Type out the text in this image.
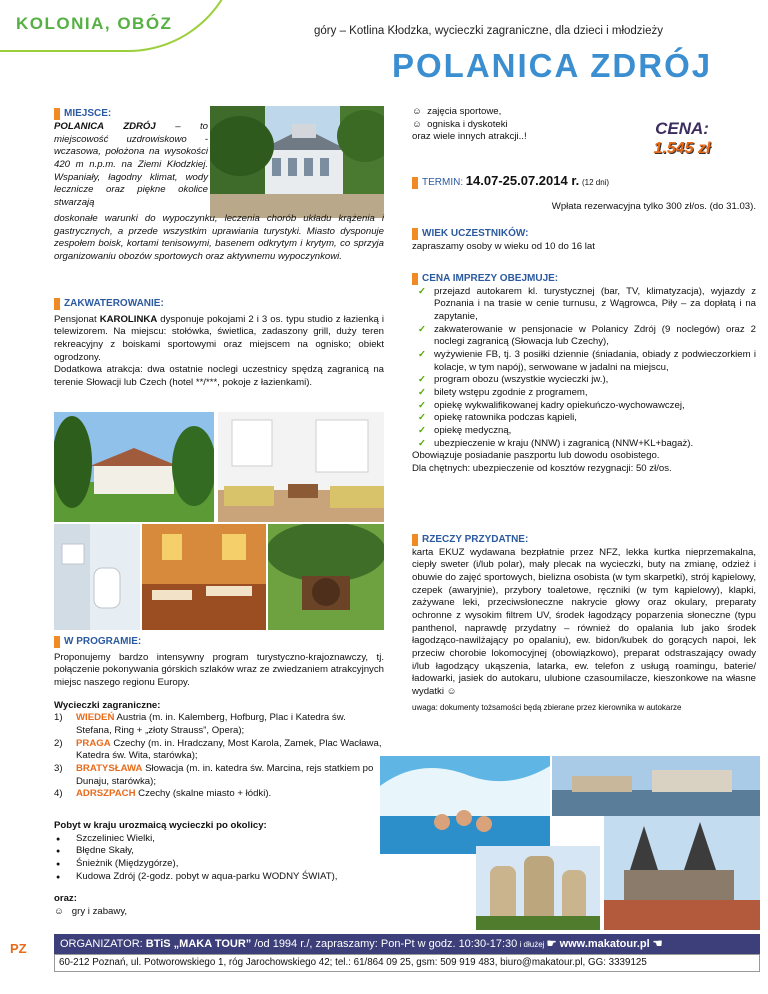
KOLONIA, OBÓZ	góry – Kotlina Kłodzka, wycieczki zagraniczne, dla dzieci i młodzieży
POLANICA ZDRÓJ
MIEJSCE:
POLANICA ZDRÓJ – to miejscowość uzdrowiskowo - wczasowa, położona na wysokości 420 m n.p.m. na Ziemi Kłodzkiej. Wspaniały, łagodny klimat, wody lecznicze oraz piękne okolice stwarzają
doskonałe warunki do wypoczynku, leczenia chorób układu krążenia i gastrycznych, a przede wszystkim uprawiania turystyki. Miasto dysponuje zespołem boisk, kortami tenisowymi, basenem odkrytym i krytym, co sprzyja organizowaniu obozów sportowych oraz aktywnemu wypoczynkowi.
ZAKWATEROWANIE:
Pensjonat KAROLINKA dysponuje pokojami 2 i 3 os. typu studio z łazienką i telewizorem. Na miejscu: stołówka, świetlica, zadaszony grill, duży teren rekreacyjny z boiskami sportowymi oraz miejscem na ognisko; obiekt ogrodzony.
Dodatkowa atrakcja: dwa ostatnie noclegi uczestnicy spędzą zagranicą na terenie Słowacji lub Czech (hotel **/***, pokoje z łazienkami).
W PROGRAMIE:
Proponujemy bardzo intensywny program turystyczno-krajoznawczy, tj. połączenie pokonywania górskich szlaków wraz ze zwiedzaniem atrakcyjnych miejsc naszego regionu Europy.
Wycieczki zagraniczne:
1) WIEDEŃ Austria (m. in. Kalemberg, Hofburg, Plac i Katedra św. Stefana, Ring + „złoty Strauss”, Opera);
2) PRAGA Czechy (m. in. Hradczany, Most Karola, Zamek, Plac Wacława, Katedra św. Wita, starówka);
3) BRATYSŁAWA Słowacja (m. in. katedra św. Marcina, rejs statkiem po Dunaju, starówka);
4) ADRSZPACH Czechy (skalne miasto + łódki).
Pobyt w kraju urozmaicą wycieczki po okolicy:
● Szczeliniec Wielki,
● Błędne Skały,
● Śnieżnik (Międzygórze),
● Kudowa Zdrój (2-godz. pobyt w aqua-parku WODNY ŚWIAT),
oraz:
☺ gry i zabawy,
☺ zajęcia sportowe,
☺ ogniska i dyskoteki
oraz wiele innych atrakcji..!	CENA:
1.545 zł
TERMIN: 14.07-25.07.2014 r. (12 dni)
Wpłata rezerwacyjna tylko 300 zł/os. (do 31.03).
WIEK UCZESTNIKÓW:
zapraszamy osoby w wieku od 10 do 16 lat
CENA IMPREZY OBEJMUJE:
✓ przejazd autokarem kl. turystycznej (bar, TV, klimatyzacja), wyjazdy z Poznania i na trasie w cenie turnusu, z Wągrowca, Piły – za dopłatą i na zapytanie,
✓ zakwaterowanie w pensjonacie w Polanicy Zdrój (9 noclegów) oraz 2 noclegi zagranicą (Słowacja lub Czechy),
✓ wyżywienie FB, tj. 3 posiłki dziennie (śniadania, obiady z podwieczorkiem i kolacje, w tym napój), serwowane w jadalni na miejscu,
✓ program obozu (wszystkie wycieczki jw.),
✓ bilety wstępu zgodnie z programem,
✓ opiekę wykwalifikowanej kadry opiekuńczo-wychowawczej,
✓ opiekę ratownika podczas kąpieli,
✓ opiekę medyczną,
✓ ubezpieczenie w kraju (NNW) i zagranicą (NNW+KL+bagaż).
Obowiązuje posiadanie paszportu lub dowodu osobistego.
Dla chętnych: ubezpieczenie od kosztów rezygnacji: 50 zł/os.
RZECZY PRZYDATNE:
karta EKUZ wydawana bezpłatnie przez NFZ, lekka kurtka nieprzemakalna, ciepły sweter (i/lub polar), mały plecak na wycieczki, buty na zmianę, odzież i obuwie do zajęć sportowych, bielizna osobista (w tym skarpetki), strój kąpielowy, czepek (awaryjnie), przybory toaletowe, ręczniki (w tym kąpielowy), klapki, zażywane leki, przeciwsłoneczne nakrycie głowy oraz okulary, preparaty ochronne z wysokim filtrem UV, środek łagodzący poparzenia słoneczne (typu panthenol, naprawdę przydatny – również do opalania lub jako środek łagodząco-nawilżający po opalaniu), ew. bidon/kubek do gorących napoi, lek przeciw chorobie lokomocyjnej (obowiązkowo), preparat odstraszający owady i/lub łagodzący ukąszenia, latarka, ew. telefon z usługą roamingu, baterie/ładowarki, jasiek do autokaru, ulubione czasoumilacze, kieszonkowe na własne wydatki ☺
uwaga: dokumenty tożsamości będą zbierane przez kierownika w autokarze
PZ	ORGANIZATOR: BTiS „MAKA TOUR” /od 1994 r./, zapraszamy: Pon-Pt w godz. 10:30-17:30 i dłużej ☛ www.makatour.pl ☚
60-212 Poznań, ul. Potworowskiego 1, róg Jarochowskiego 42; tel.: 61/864 09 25, gsm: 509 919 483, biuro@makatour.pl, GG: 3339125
